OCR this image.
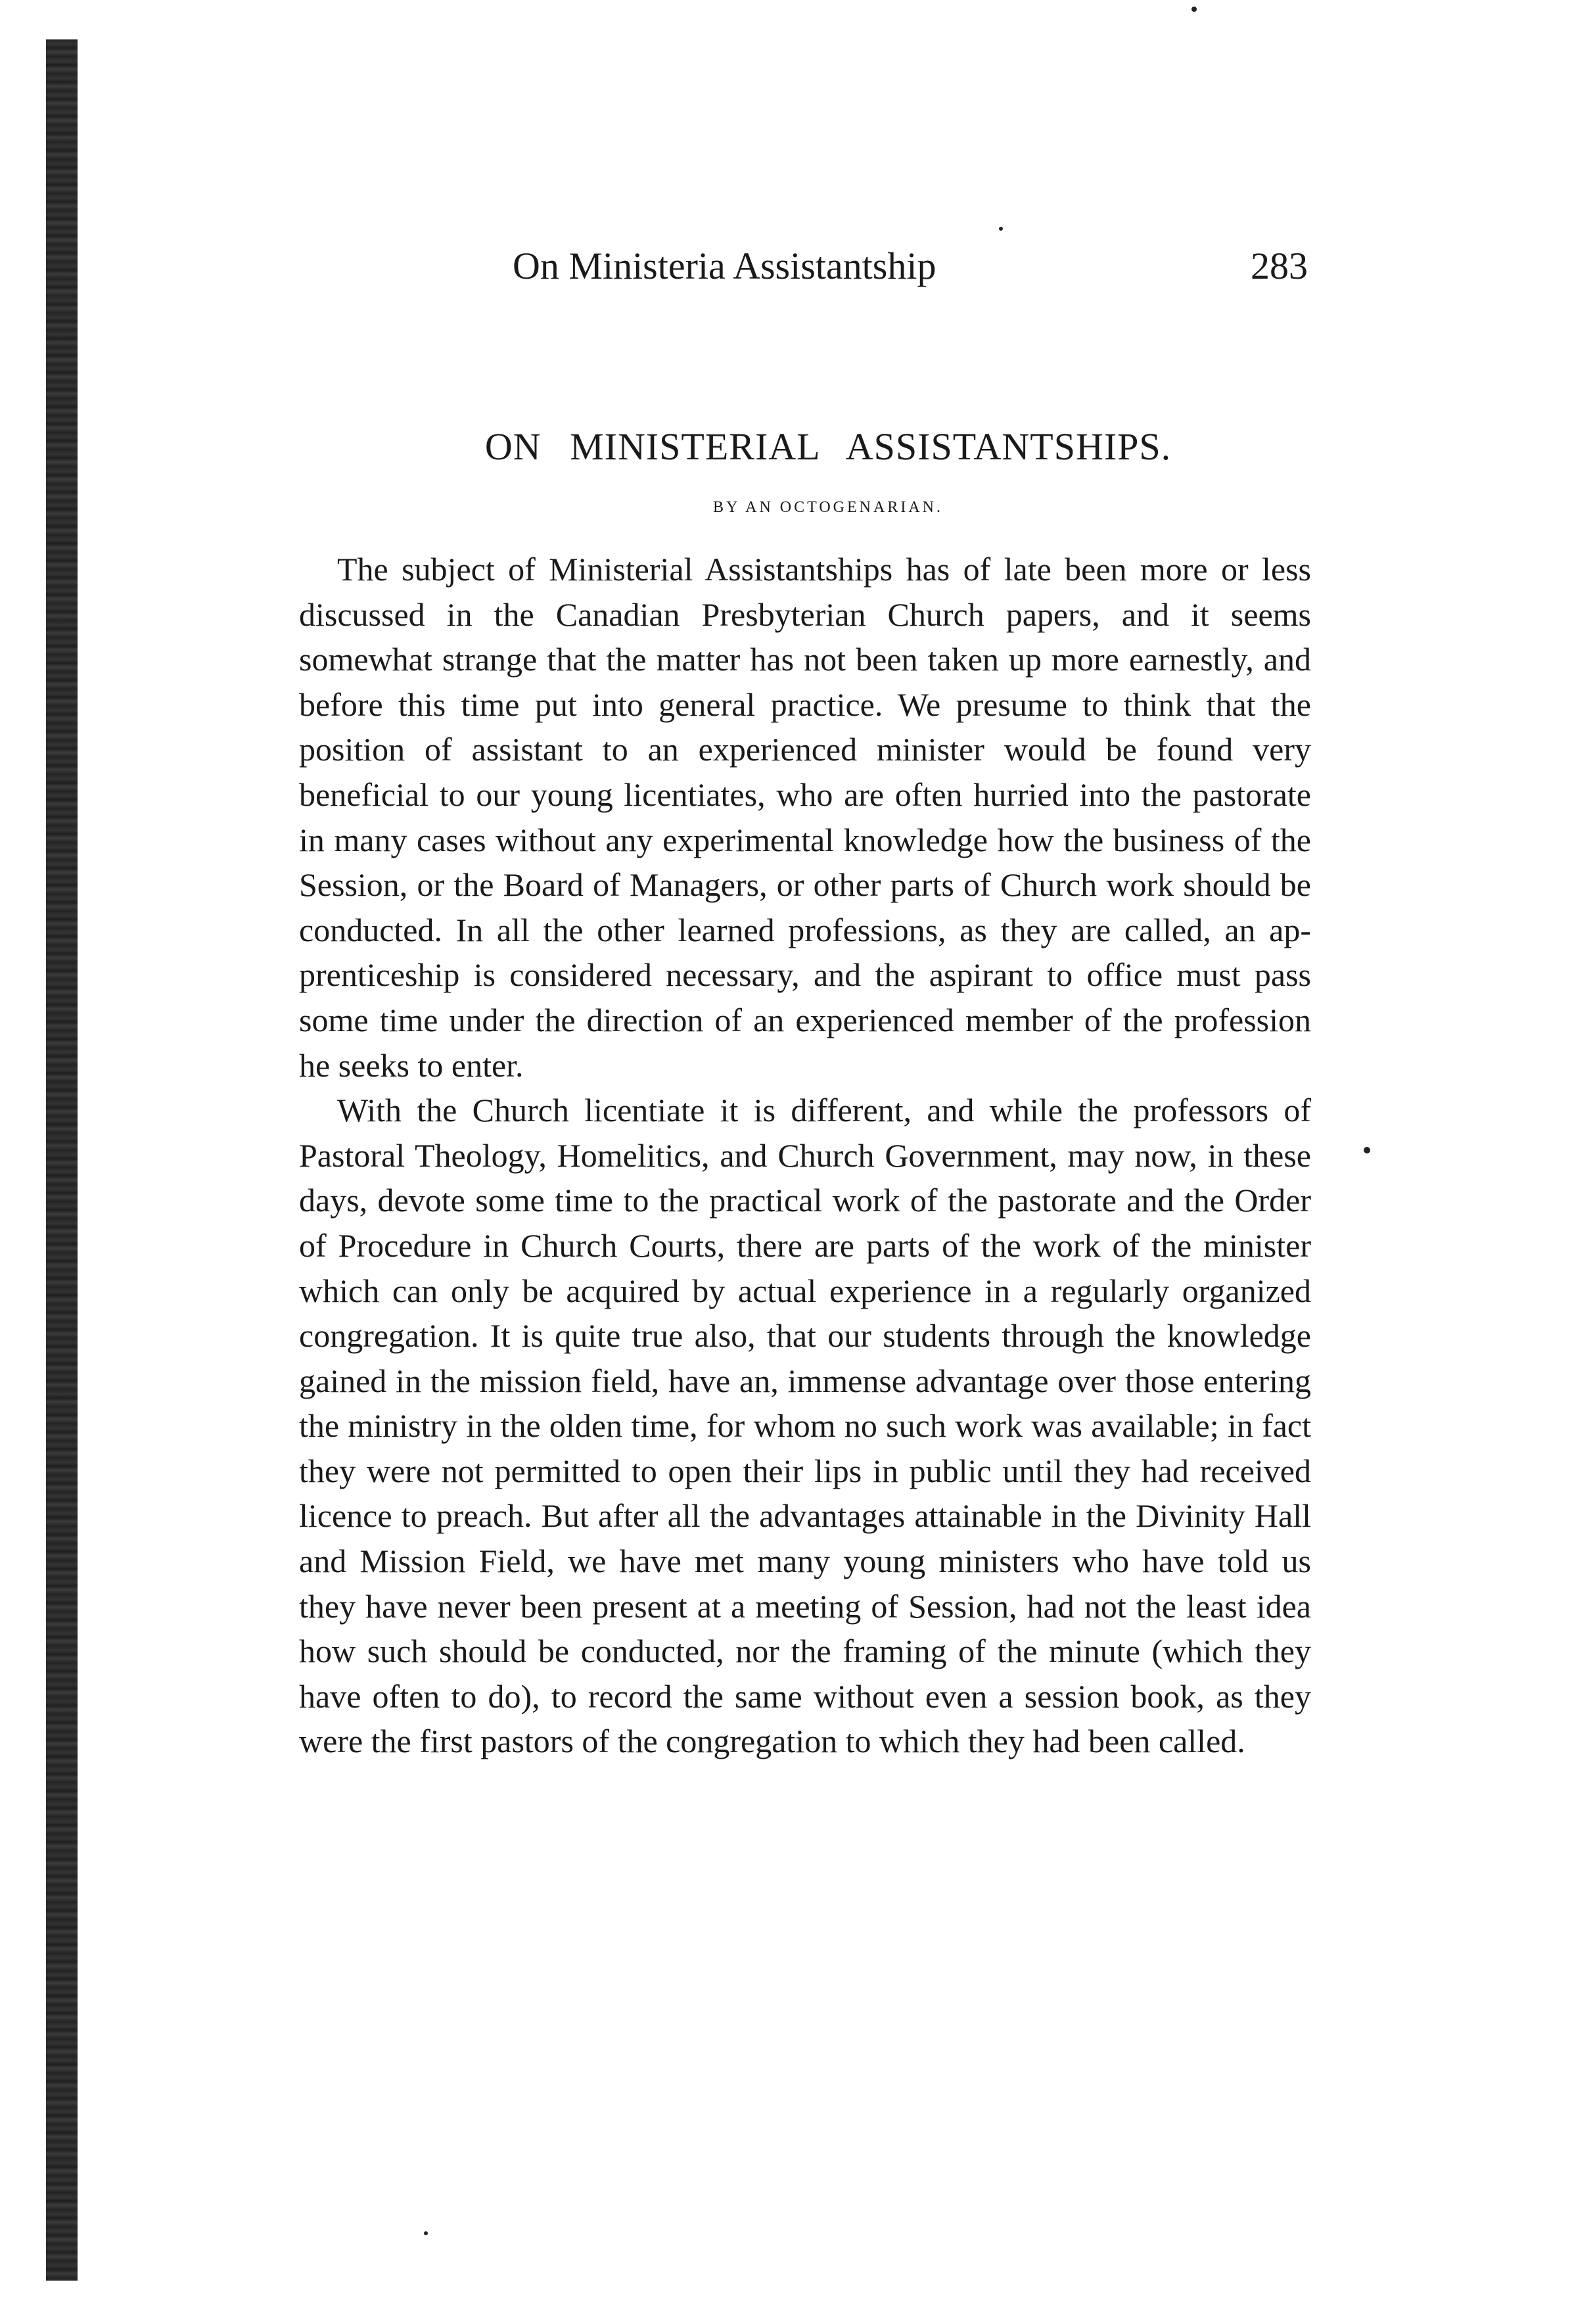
On Ministeria Assistantship	283
ON MINISTERIAL ASSISTANTSHIPS.
BY AN OCTOGENARIAN.

The subject of Ministerial Assistantships has of late been more or less discussed in the Canadian Presbyterian Church papers, and it seems somewhat strange that the matter has not been taken up more earnestly, and before this time put into general practice. We presume to think that the position of assistant to an experienced minister would be found very beneficial to our young licentiates, who are often hurried into the pastorate in many cases without any experimental knowledge how the business of the Session, or the Board of Managers, or other parts of Church work should be conducted. In all the other learned professions, as they are called, an apprenticeship is considered necessary, and the aspirant to office must pass some time under the direction of an experienced member of the profession he seeks to enter.

With the Church licentiate it is different, and while the professors of Pastoral Theology, Homelitics, and Church Government, may now, in these days, devote some time to the practical work of the pastorate and the Order of Procedure in Church Courts, there are parts of the work of the minister which can only be acquired by actual experience in a regularly organized congregation. It is quite true also, that our students through the knowledge gained in the mission field, have an, immense advantage over those entering the ministry in the olden time, for whom no such work was available; in fact they were not permitted to open their lips in public until they had received licence to preach. But after all the advantages attainable in the Divinity Hall and Mission Field, we have met many young ministers who have told us they have never been present at a meeting of Session, had not the least idea how such should be conducted, nor the framing of the minute (which they have often to do), to record the same without even a session book, as they were the first pastors of the congregation to which they had been called.
